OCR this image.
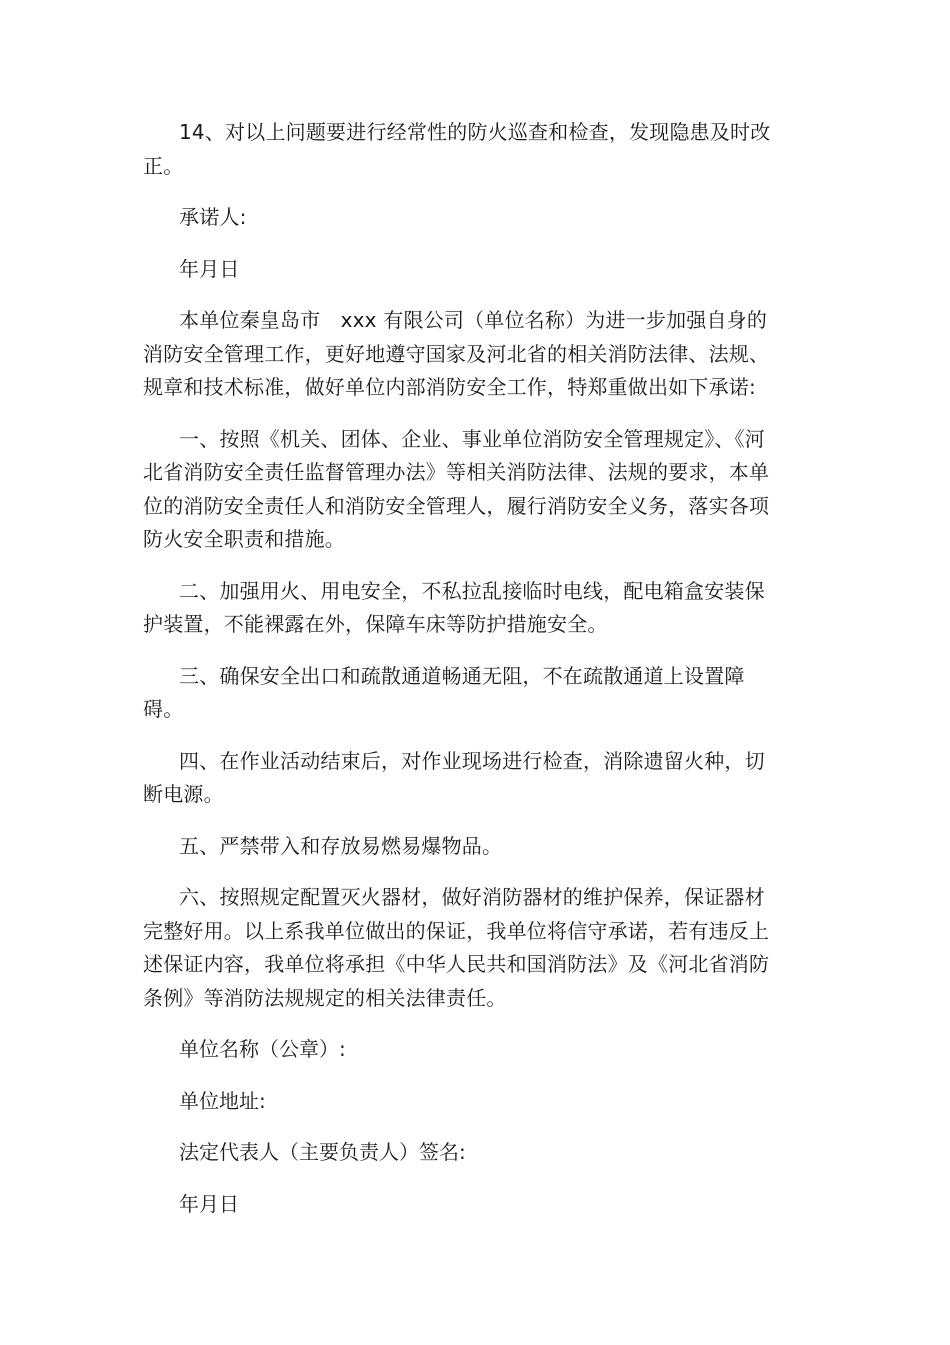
14、对以上问题要进行经常性的防火巡查和检查，发现隐患及时改正。

承诺人:

年月日

本单位秦皇岛市　xxx 有限公司（单位名称）为进一步加强自身的消防安全管理工作，更好地遵守国家及河北省的相关消防法律、法规、规章和技术标准，做好单位内部消防安全工作，特郑重做出如下承诺:

一、按照《机关、团体、企业、事业单位消防安全管理规定》、《河北省消防安全责任监督管理办法》等相关消防法律、法规的要求，本单位的消防安全责任人和消防安全管理人，履行消防安全义务，落实各项防火安全职责和措施。

二、加强用火、用电安全，不私拉乱接临时电线，配电箱盒安装保护装置，不能裸露在外，保障车床等防护措施安全。

三、确保安全出口和疏散通道畅通无阻，不在疏散通道上设置障碍。

四、在作业活动结束后，对作业现场进行检查，消除遗留火种，切断电源。

五、严禁带入和存放易燃易爆物品。

六、按照规定配置灭火器材，做好消防器材的维护保养，保证器材完整好用。以上系我单位做出的保证，我单位将信守承诺，若有违反上述保证内容，我单位将承担《中华人民共和国消防法》及《河北省消防条例》等消防法规规定的相关法律责任。

单位名称（公章）:

单位地址:

法定代表人（主要负责人）签名:

年月日
